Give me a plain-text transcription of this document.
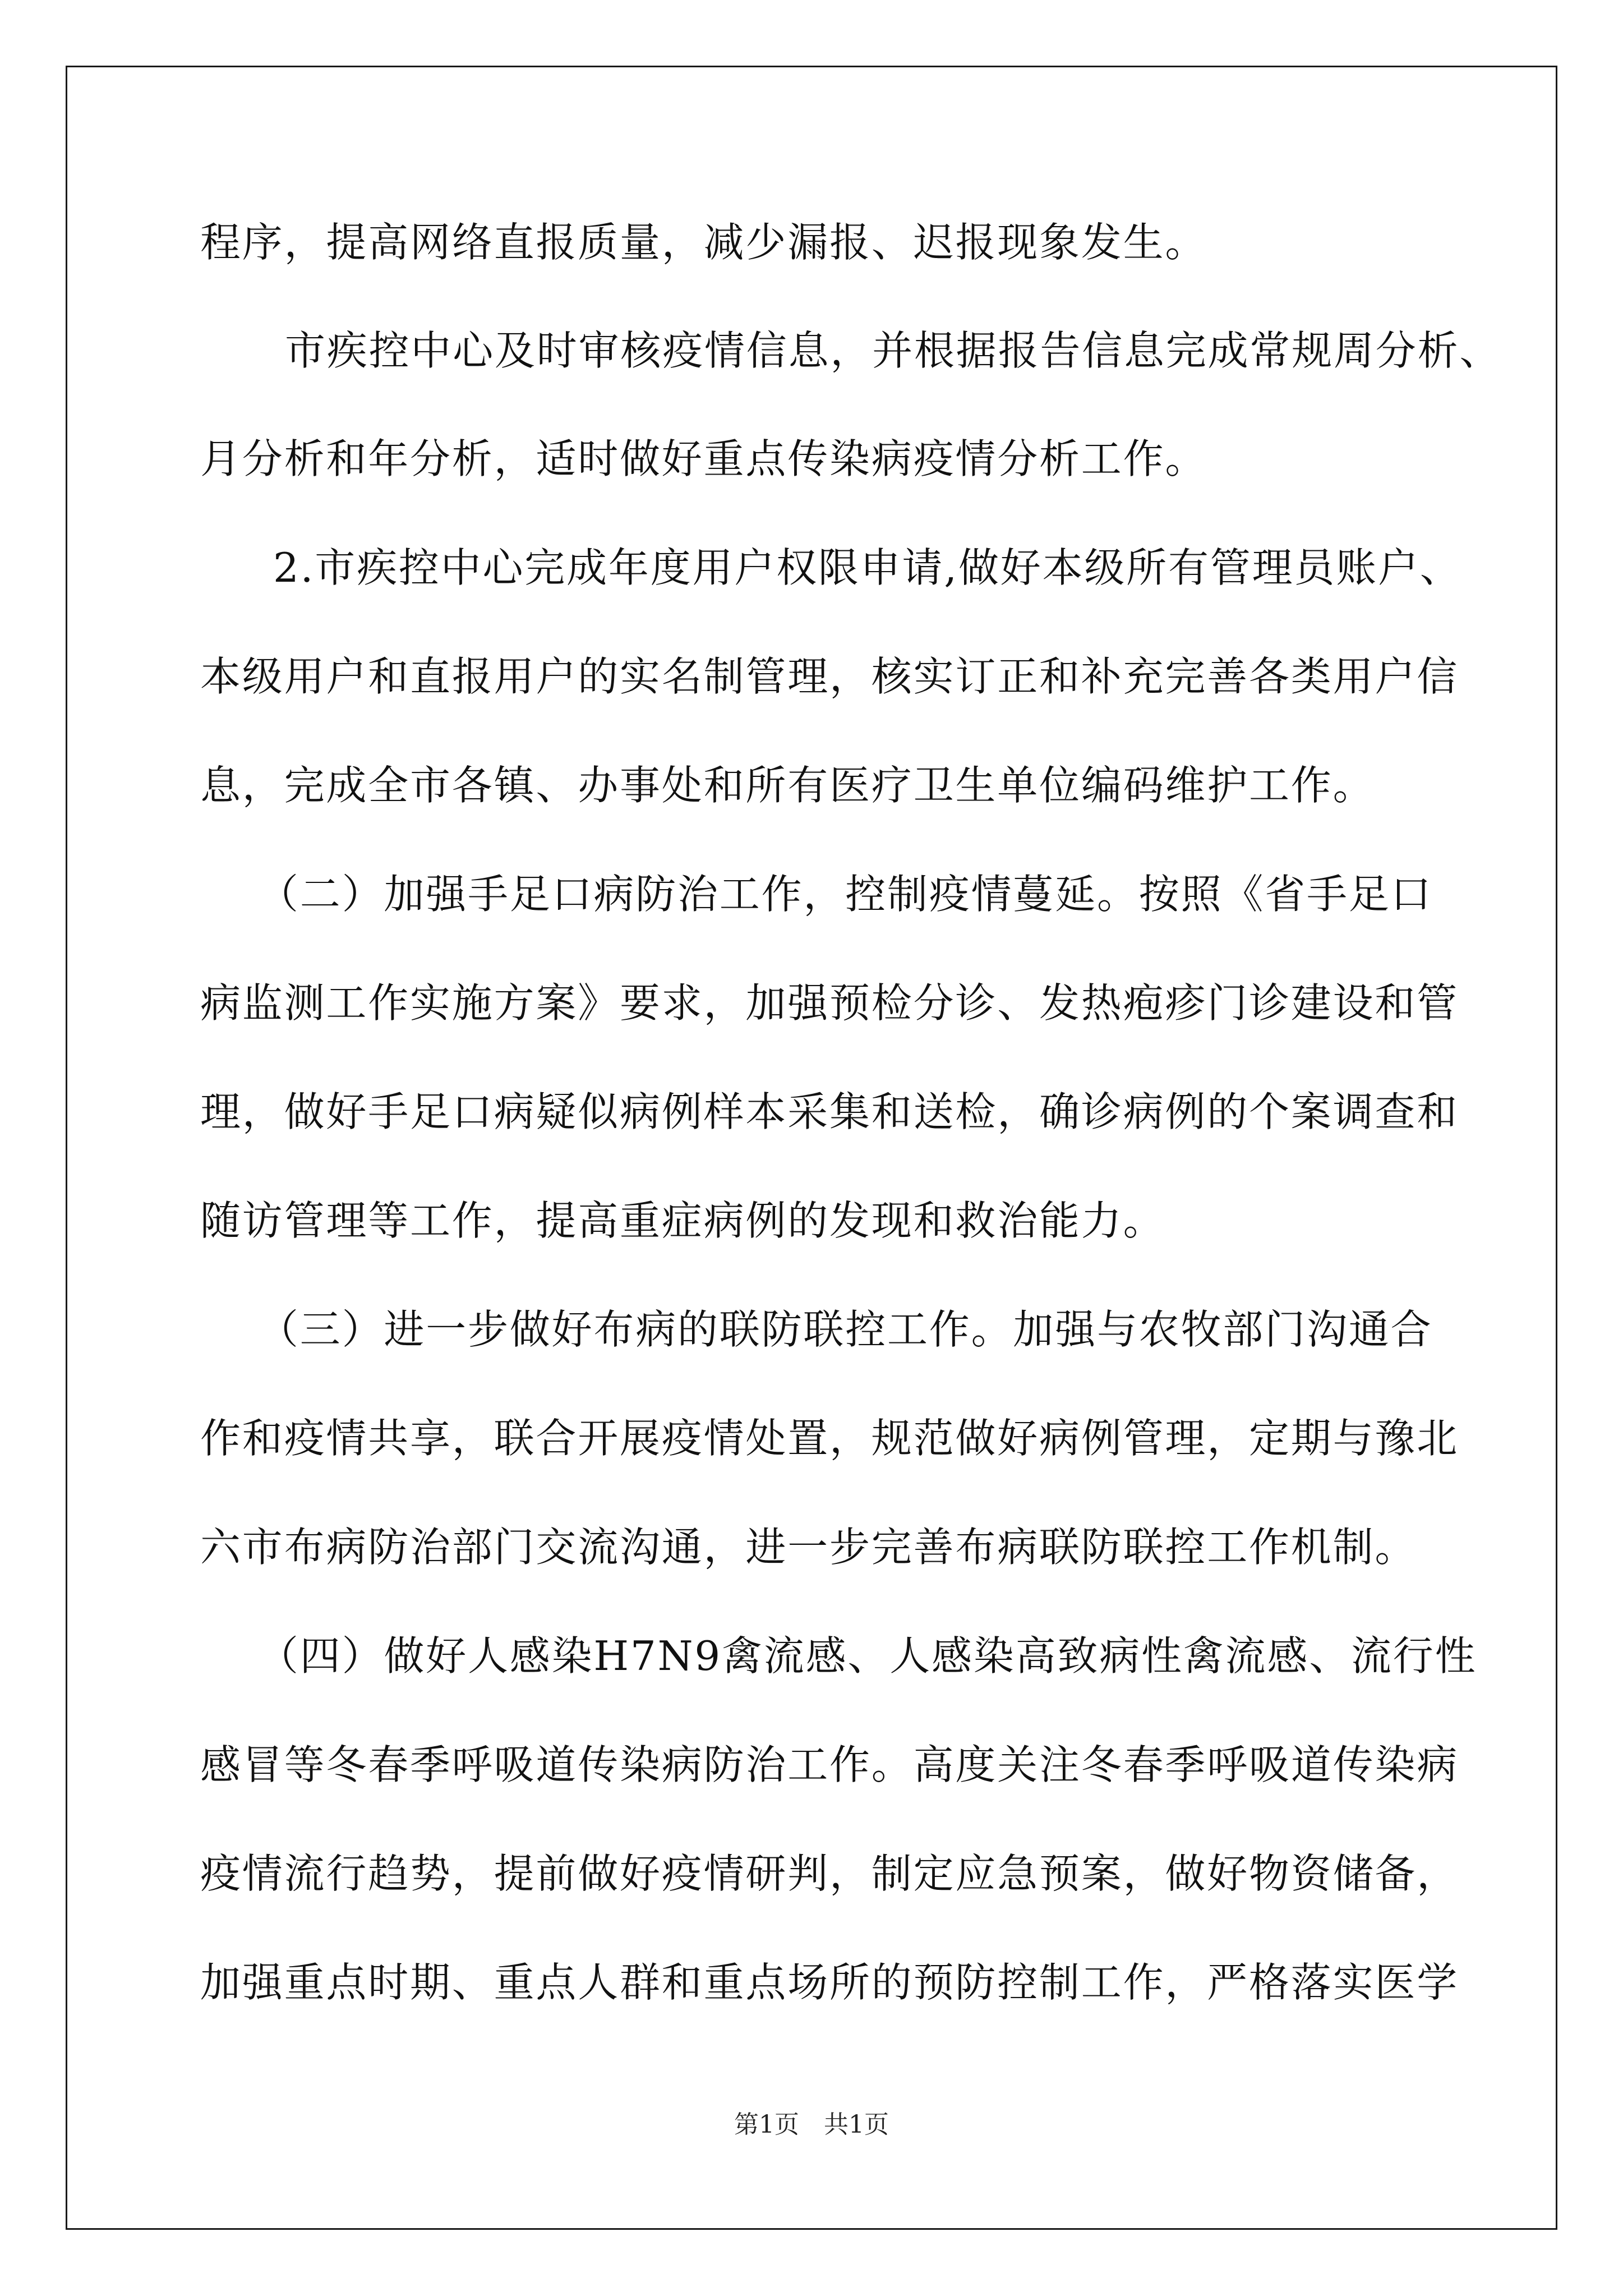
程序，提高网络直报质量，减少漏报、迟报现象发生。
市疾控中心及时审核疫情信息，并根据报告信息完成常规周分析、
月分析和年分析，适时做好重点传染病疫情分析工作。
2.市疾控中心完成年度用户权限申请,做好本级所有管理员账户、
本级用户和直报用户的实名制管理，核实订正和补充完善各类用户信
息，完成全市各镇、办事处和所有医疗卫生单位编码维护工作。
（二）加强手足口病防治工作，控制疫情蔓延。按照《省手足口
病监测工作实施方案》要求，加强预检分诊、发热疱疹门诊建设和管
理，做好手足口病疑似病例样本采集和送检，确诊病例的个案调查和
随访管理等工作，提高重症病例的发现和救治能力。
（三）进一步做好布病的联防联控工作。加强与农牧部门沟通合
作和疫情共享，联合开展疫情处置，规范做好病例管理，定期与豫北
六市布病防治部门交流沟通，进一步完善布病联防联控工作机制。
（四）做好人感染H7N9禽流感、人感染高致病性禽流感、流行性
感冒等冬春季呼吸道传染病防治工作。高度关注冬春季呼吸道传染病
疫情流行趋势，提前做好疫情研判，制定应急预案，做好物资储备，
加强重点时期、重点人群和重点场所的预防控制工作，严格落实医学
第1页　共1页
